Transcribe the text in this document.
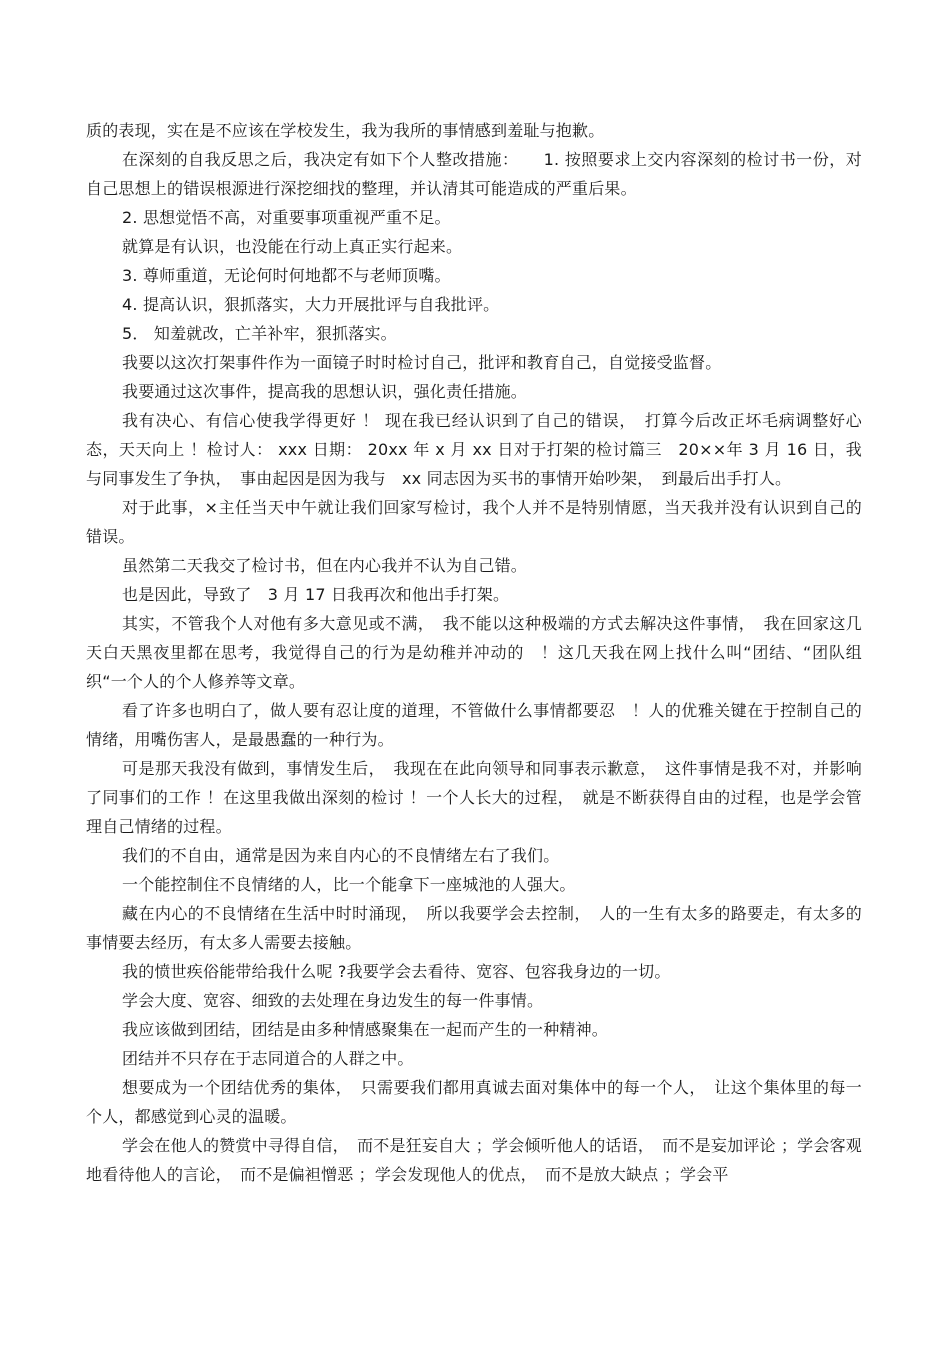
质的表现，实在是不应该在学校发生，我为我所的事情感到羞耻与抱歉。

在深刻的自我反思之后，我决定有如下个人整改措施：　　1. 按照要求上交内容深刻的检讨书一份，对自己思想上的错误根源进行深挖细找的整理，并认清其可能造成的严重后果。

2. 思想觉悟不高，对重要事项重视严重不足。

就算是有认识，也没能在行动上真正实行起来。

3. 尊师重道，无论何时何地都不与老师顶嘴。

4. 提高认识，狠抓落实，大力开展批评与自我批评。

5． 知羞就改，亡羊补牢，狠抓落实。

我要以这次打架事件作为一面镜子时时检讨自己，批评和教育自己，自觉接受监督。

我要通过这次事件，提高我的思想认识，强化责任措施。

我有决心、有信心使我学得更好 ！ 现在我已经认识到了自己的错误，　打算今后改正坏毛病调整好心态，天天向上 ！检讨人： xxx 日期： 20xx 年 x 月 xx 日对于打架的检讨篇三　20××年 3 月 16 日，我与同事发生了争执，　事由起因是因为我与　xx 同志因为买书的事情开始吵架，　到最后出手打人。

对于此事，×主任当天中午就让我们回家写检讨，我个人并不是特别情愿，当天我并没有认识到自己的错误。

虽然第二天我交了检讨书，但在内心我并不认为自己错。

也是因此，导致了　3 月 17 日我再次和他出手打架。

其实，不管我个人对他有多大意见或不满，　我不能以这种极端的方式去解决这件事情，　我在回家这几天白天黑夜里都在思考，我觉得自己的行为是幼稚并冲动的　！这几天我在网上找什么叫“团结、“团队组织“一个人的个人修养等文章。

看了许多也明白了，做人要有忍让度的道理，不管做什么事情都要忍　！人的优雅关键在于控制自己的情绪，用嘴伤害人，是最愚蠢的一种行为。

可是那天我没有做到，事情发生后，　我现在在此向领导和同事表示歉意，　这件事情是我不对，并影响了同事们的工作 ！在这里我做出深刻的检讨 ！一个人长大的过程，　就是不断获得自由的过程，也是学会管理自己情绪的过程。

我们的不自由，通常是因为来自内心的不良情绪左右了我们。

一个能控制住不良情绪的人，比一个能拿下一座城池的人强大。

藏在内心的不良情绪在生活中时时涌现，　所以我要学会去控制，　人的一生有太多的路要走，有太多的事情要去经历，有太多人需要去接触。

我的愤世疾俗能带给我什么呢 ?我要学会去看待、宽容、包容我身边的一切。

学会大度、宽容、细致的去处理在身边发生的每一件事情。

我应该做到团结，团结是由多种情感聚集在一起而产生的一种精神。

团结并不只存在于志同道合的人群之中。

想要成为一个团结优秀的集体，　只需要我们都用真诚去面对集体中的每一个人，　让这个集体里的每一个人，都感觉到心灵的温暖。

学会在他人的赞赏中寻得自信，　而不是狂妄自大 ；学会倾听他人的话语，　而不是妄加评论 ；学会客观地看待他人的言论，　而不是偏袒憎恶 ；学会发现他人的优点，　而不是放大缺点 ；学会平
